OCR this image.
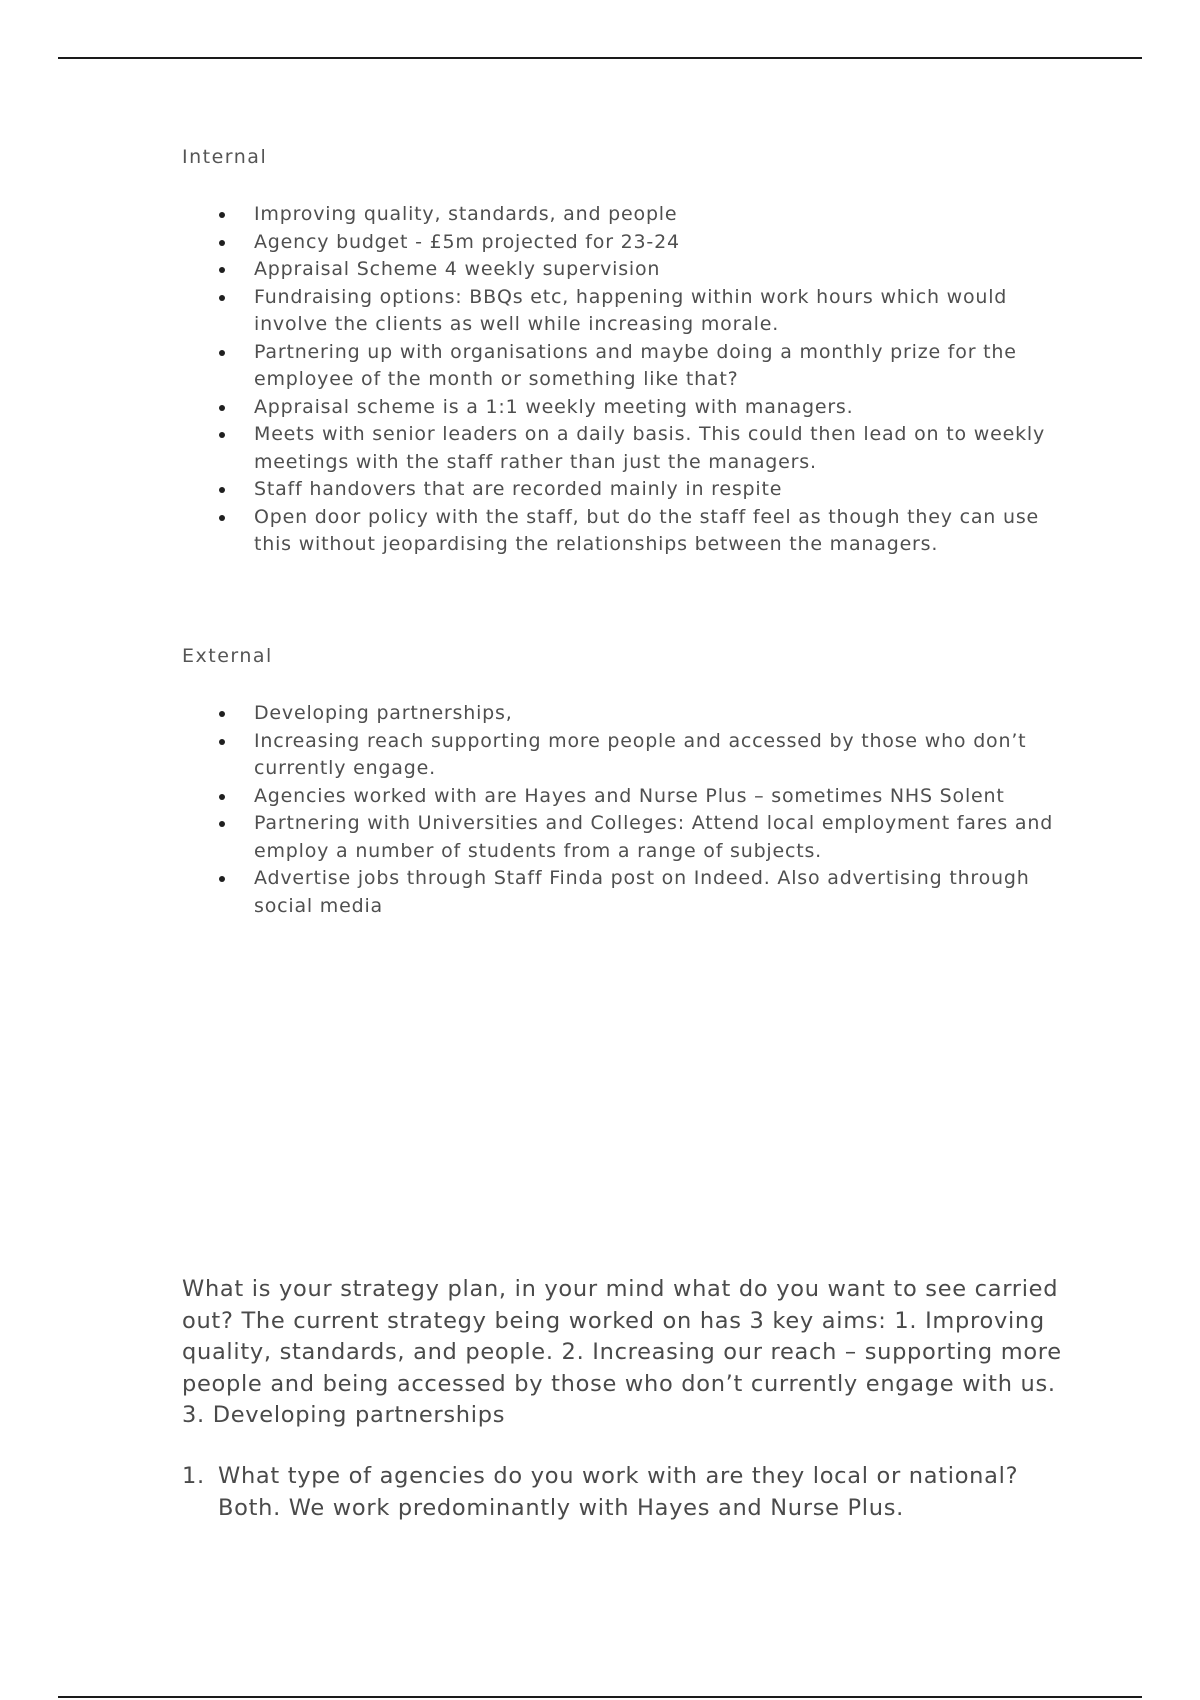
Internal
Improving quality, standards, and people
Agency budget - £5m projected for 23-24
Appraisal Scheme 4 weekly supervision
Fundraising options: BBQs etc, happening within work hours which would involve the clients as well while increasing morale.
Partnering up with organisations and maybe doing a monthly prize for the employee of the month or something like that?
Appraisal scheme is a 1:1 weekly meeting with managers.
Meets with senior leaders on a daily basis. This could then lead on to weekly meetings with the staff rather than just the managers.
Staff handovers that are recorded mainly in respite
Open door policy with the staff, but do the staff feel as though they can use this without jeopardising the relationships between the managers.
External
Developing partnerships,
Increasing reach supporting more people and accessed by those who don’t currently engage.
Agencies worked with are Hayes and Nurse Plus – sometimes NHS Solent
Partnering with Universities and Colleges: Attend local employment fares and employ a number of students from a range of subjects.
Advertise jobs through Staff Finda post on Indeed. Also advertising through social media

What is your strategy plan, in your mind what do you want to see carried out? The current strategy being worked on has 3 key aims: 1. Improving quality, standards, and people. 2. Increasing our reach – supporting more people and being accessed by those who don’t currently engage with us. 3. Developing partnerships

1. What type of agencies do you work with are they local or national? Both. We work predominantly with Hayes and Nurse Plus.
